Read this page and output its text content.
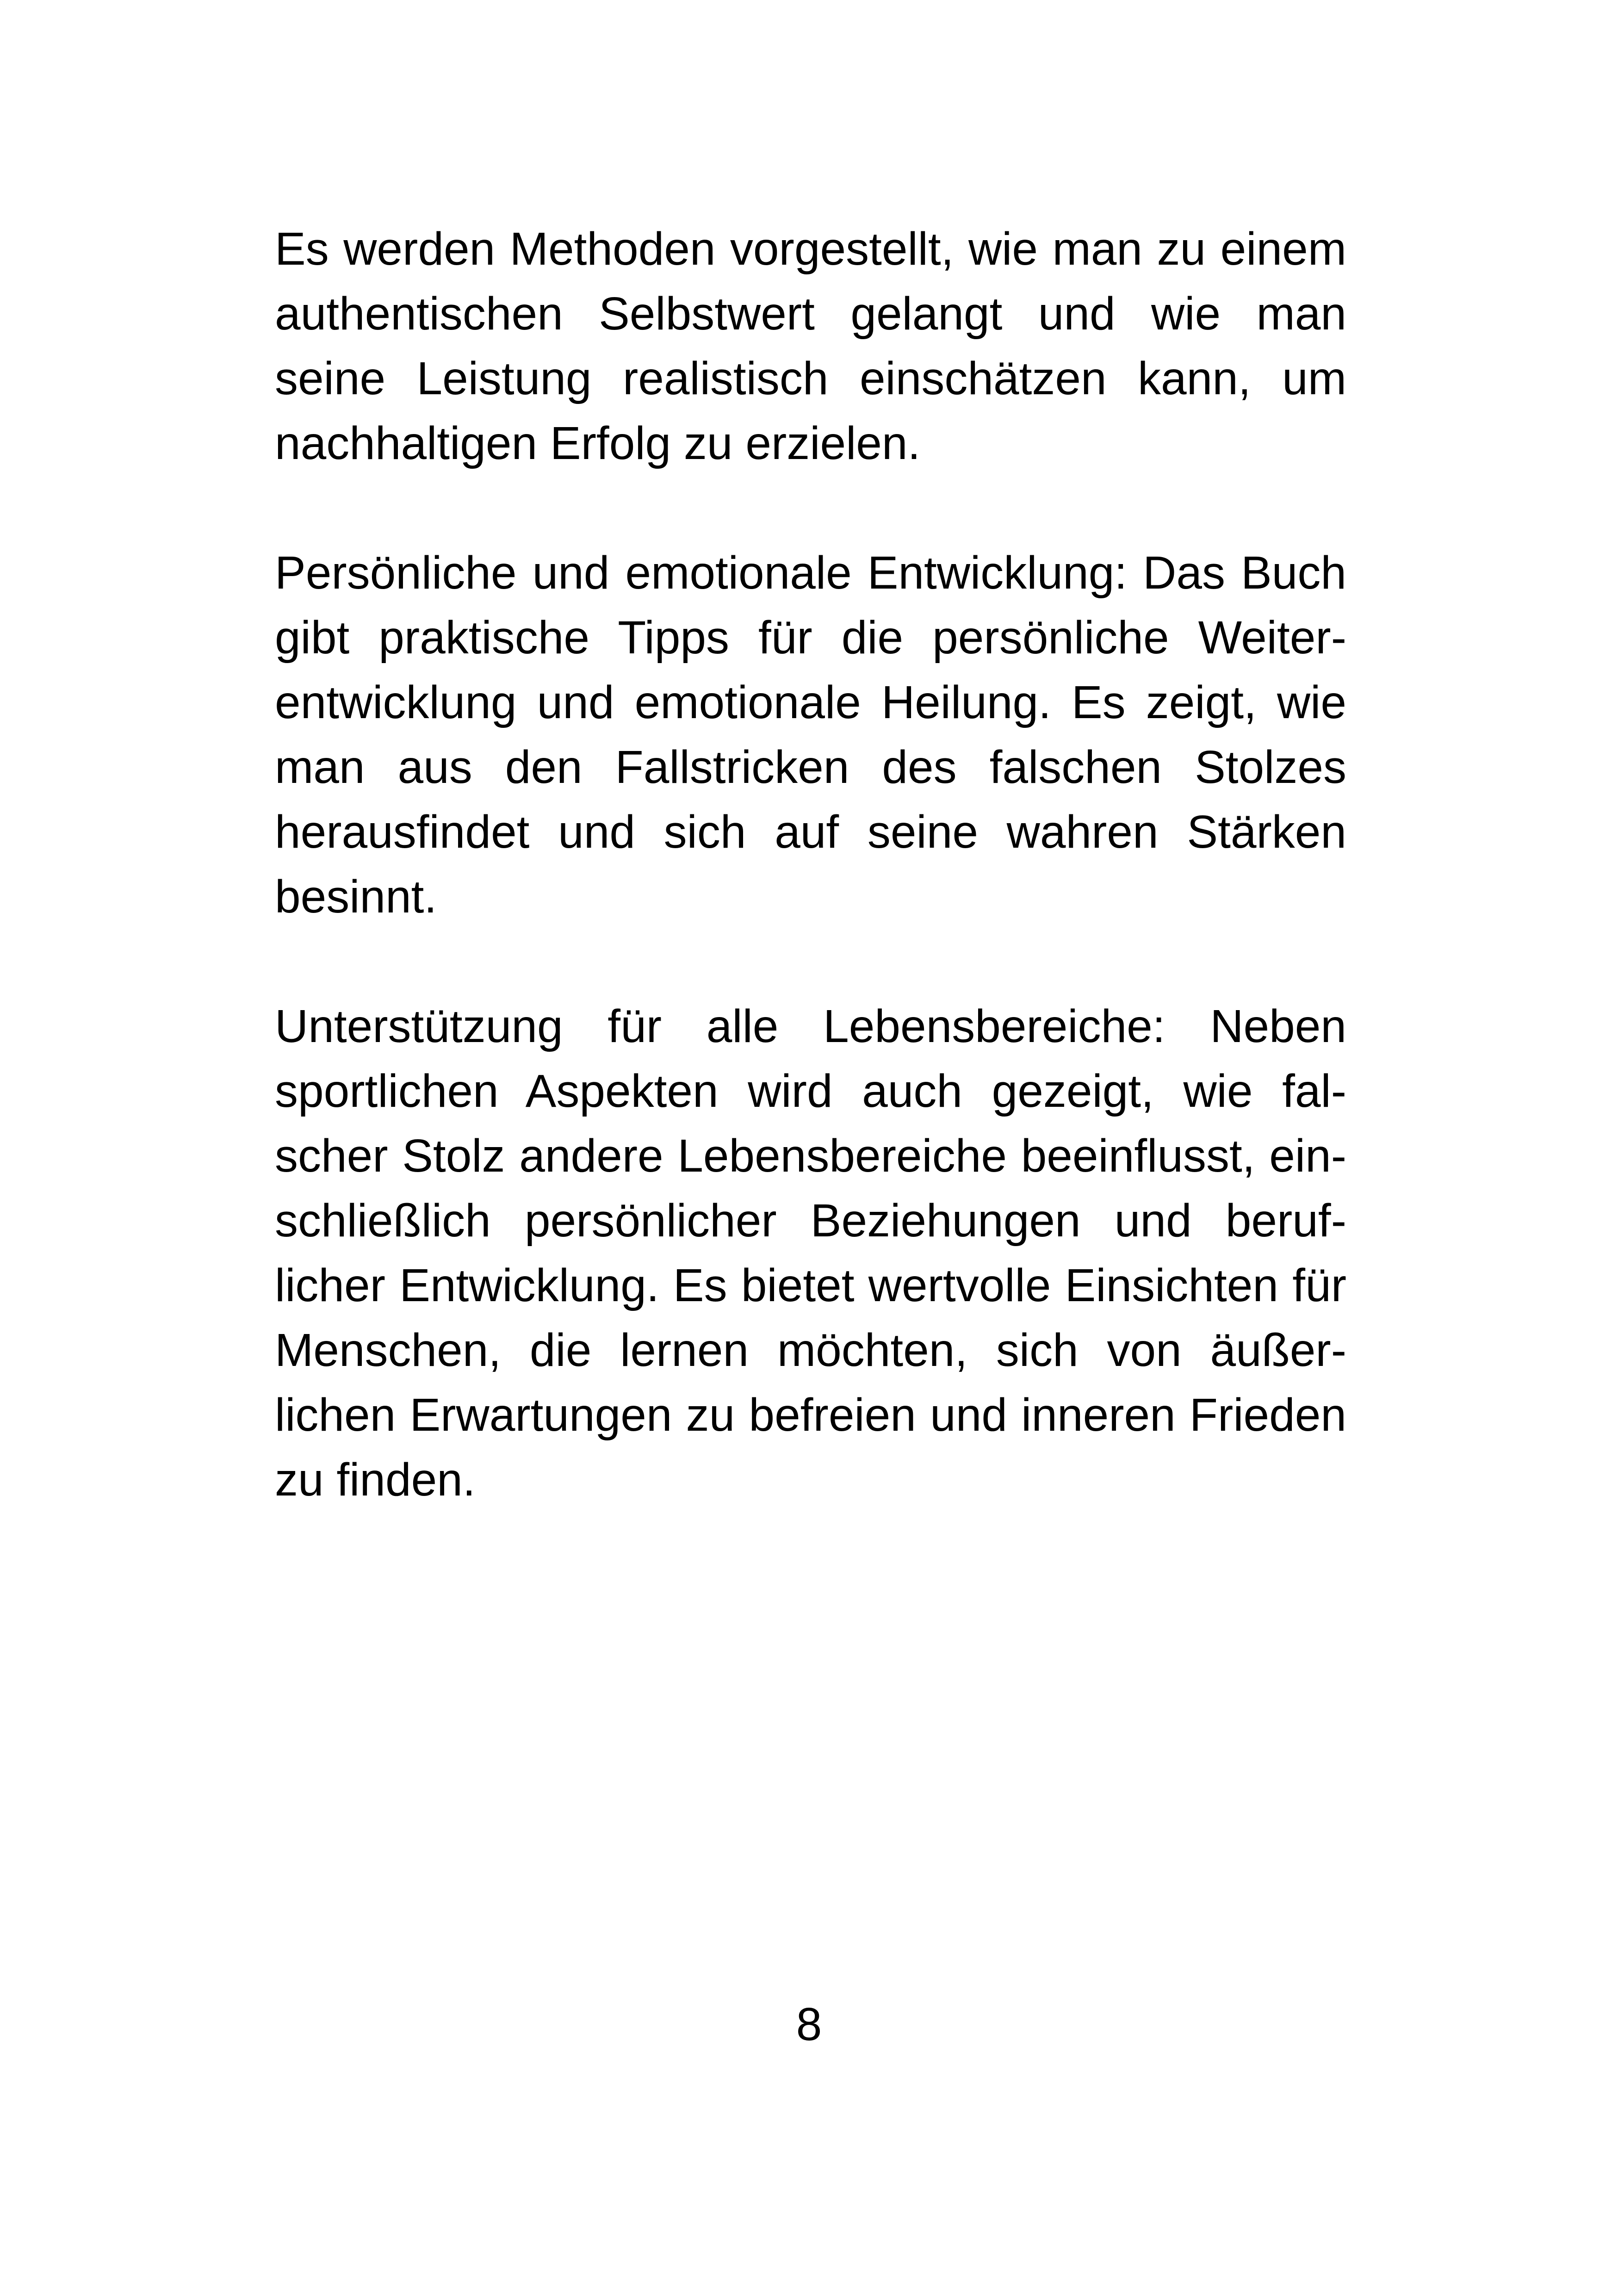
Es werden Methoden vorgestellt, wie man zu einem
authentischen Selbstwert gelangt und wie man
seine Leistung realistisch einschätzen kann, um
nachhaltigen Erfolg zu erzielen.

Persönliche und emotionale Entwicklung: Das Buch
gibt praktische Tipps für die persönliche Weiter-
entwicklung und emotionale Heilung. Es zeigt, wie
man aus den Fallstricken des falschen Stolzes
herausfindet und sich auf seine wahren Stärken
besinnt.

Unterstützung für alle Lebensbereiche: Neben
sportlichen Aspekten wird auch gezeigt, wie fal-
scher Stolz andere Lebensbereiche beeinflusst, ein-
schließlich persönlicher Beziehungen und beruf-
licher Entwicklung. Es bietet wertvolle Einsichten für
Menschen, die lernen möchten, sich von äußer-
lichen Erwartungen zu befreien und inneren Frieden
zu finden.

8
